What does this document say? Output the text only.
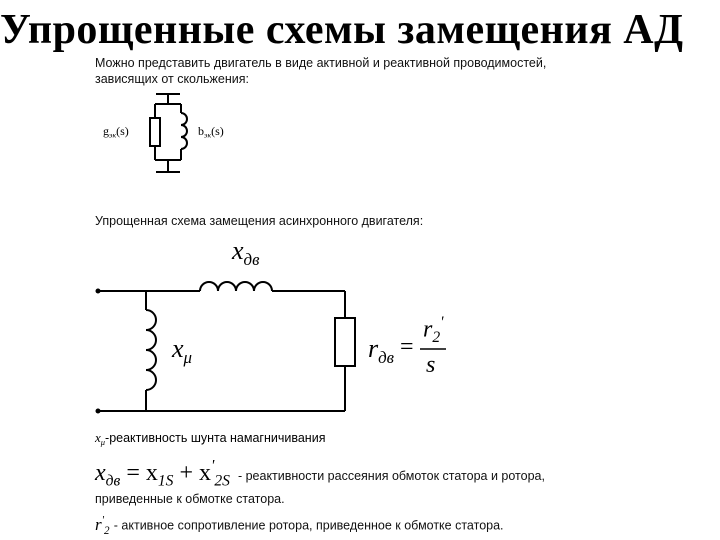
Упрощенные схемы замещения АД
Можно представить двигатель в виде активной и реактивной проводимостей,
зависящих от скольжения:
$g_{эк}(s)$	$b_{эк}(s)$
Упрощенная схема замещения асинхронного двигателя:
$x_{дв}$
$x_\mu$	$r_{дв}$ =
$r_2'$
s
$x_\mu$-реактивность шунта намагничивания
$x_{дв} = x_{1S} + x'_{2S}$ - реактивности рассеяния обмоток статора и ротора,
приведенные к обмотке статора.
$r'_2$ - активное сопротивление ротора, приведенное к обмотке статора.
